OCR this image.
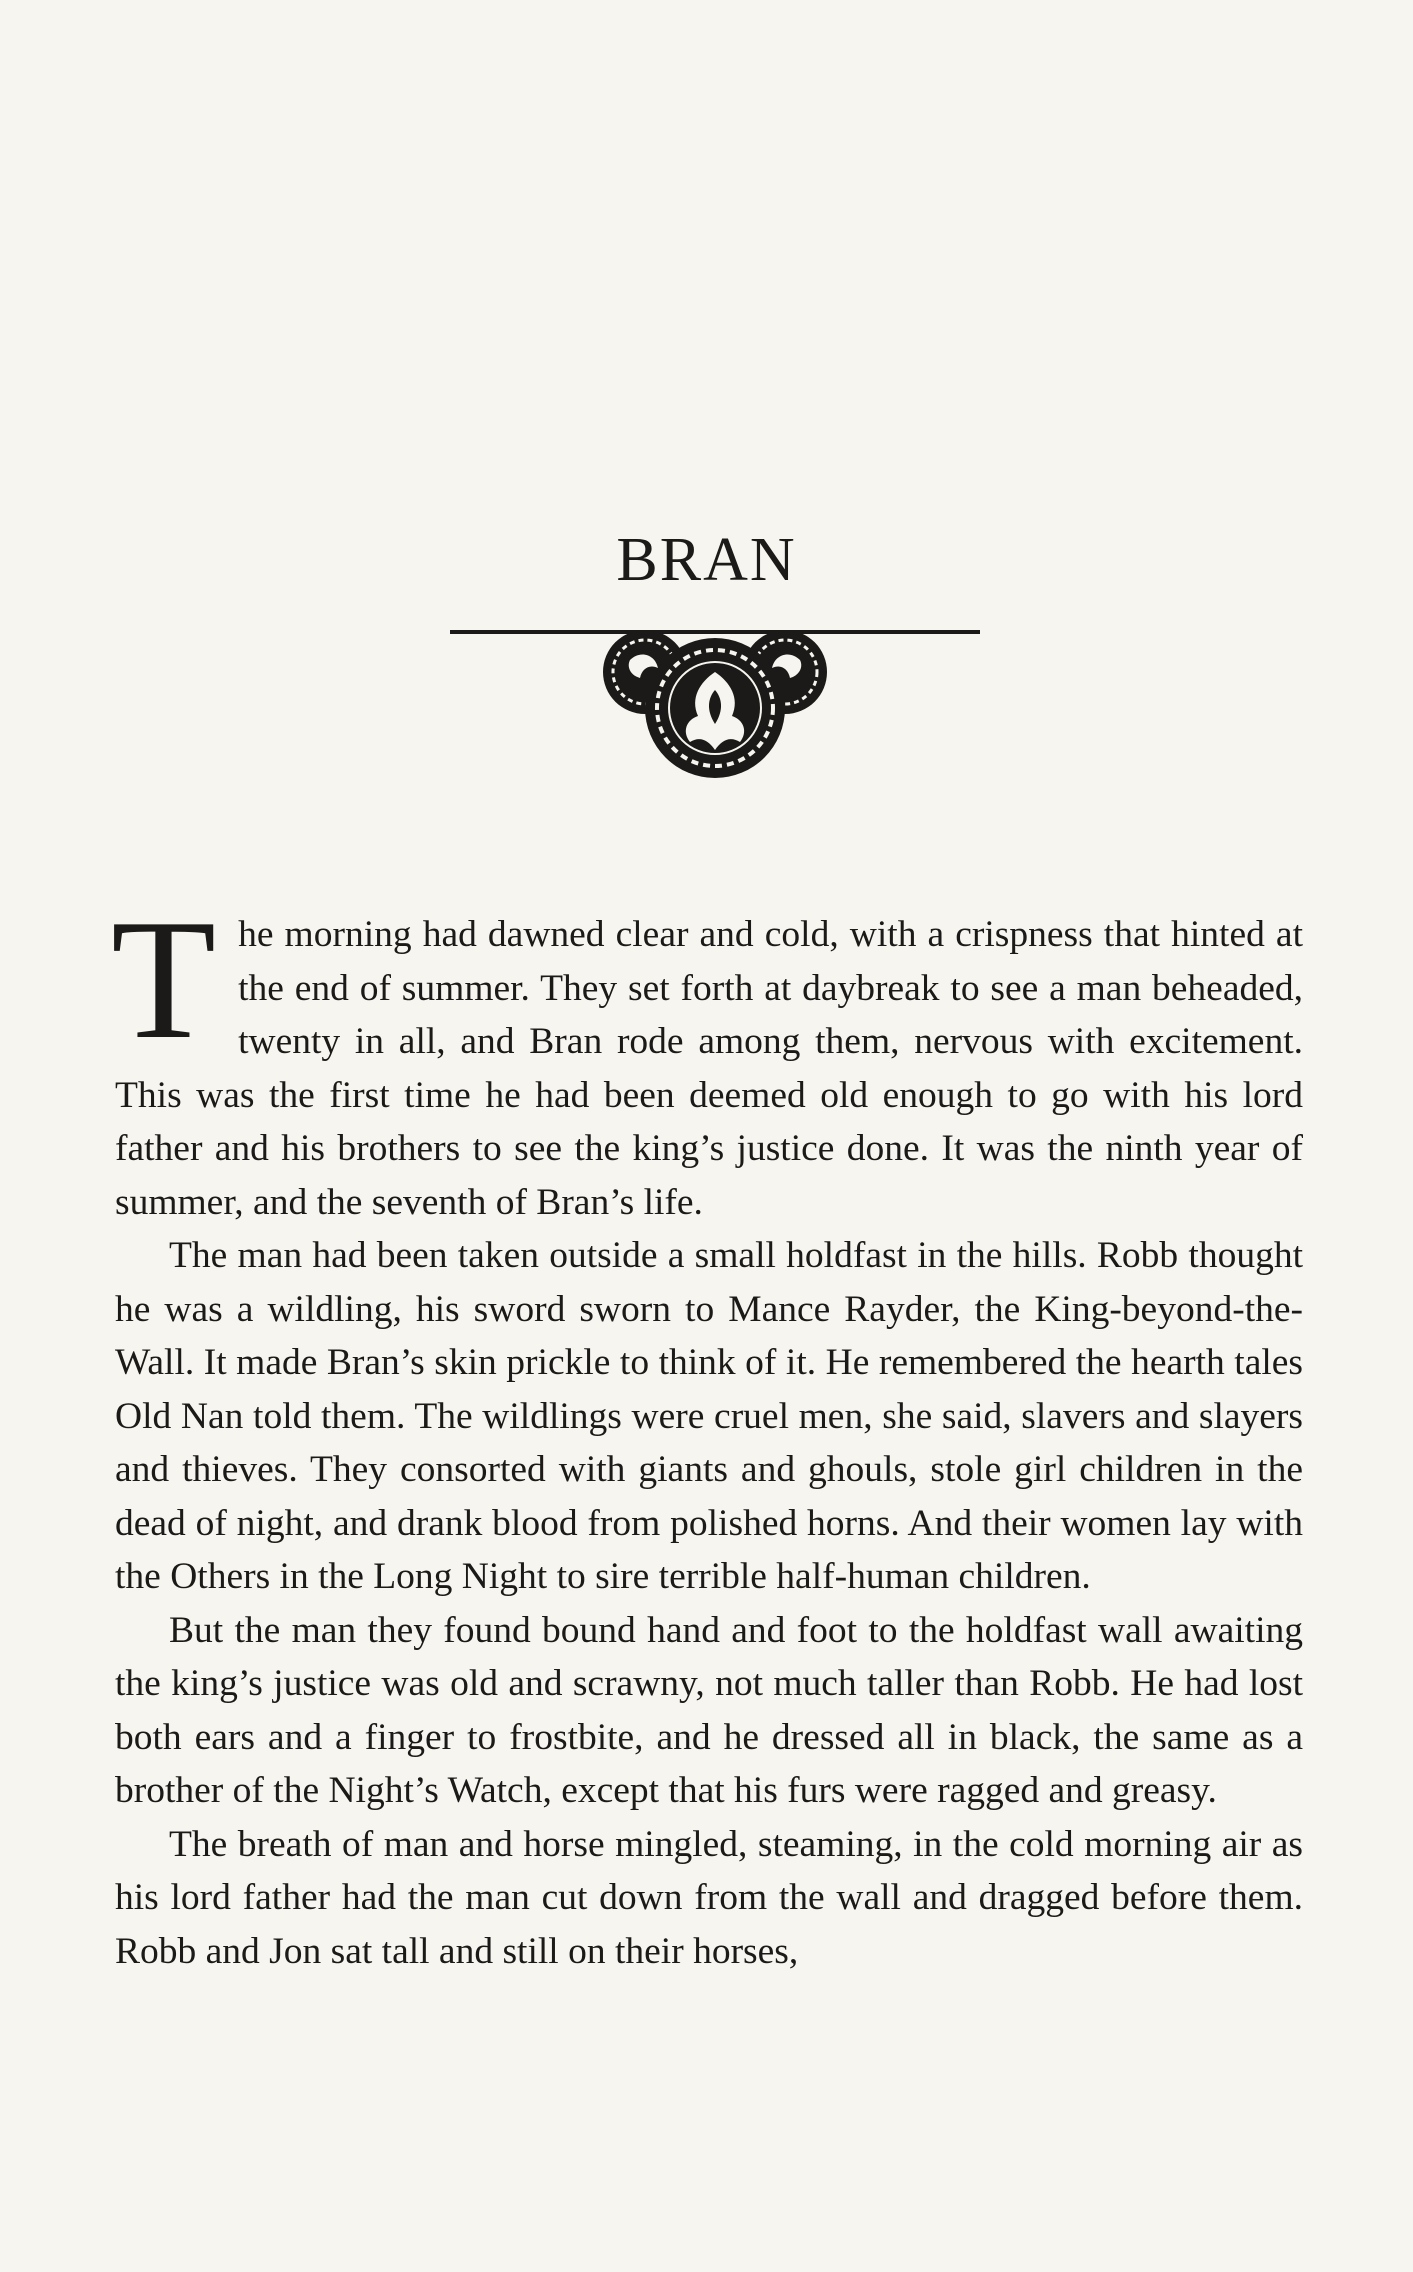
BRAN

The morning had dawned clear and cold, with a crispness that hinted at the end of summer. They set forth at daybreak to see a man beheaded, twenty in all, and Bran rode among them, nervous with excitement. This was the first time he had been deemed old enough to go with his lord father and his brothers to see the king’s justice done. It was the ninth year of summer, and the seventh of Bran’s life.

The man had been taken outside a small holdfast in the hills. Robb thought he was a wildling, his sword sworn to Mance Rayder, the King-beyond-the-Wall. It made Bran’s skin prickle to think of it. He remembered the hearth tales Old Nan told them. The wildlings were cruel men, she said, slavers and slayers and thieves. They consorted with giants and ghouls, stole girl children in the dead of night, and drank blood from polished horns. And their women lay with the Others in the Long Night to sire terrible half-human children.

But the man they found bound hand and foot to the holdfast wall awaiting the king’s justice was old and scrawny, not much taller than Robb. He had lost both ears and a finger to frostbite, and he dressed all in black, the same as a brother of the Night’s Watch, except that his furs were ragged and greasy.

The breath of man and horse mingled, steaming, in the cold morning air as his lord father had the man cut down from the wall and dragged before them. Robb and Jon sat tall and still on their horses,
